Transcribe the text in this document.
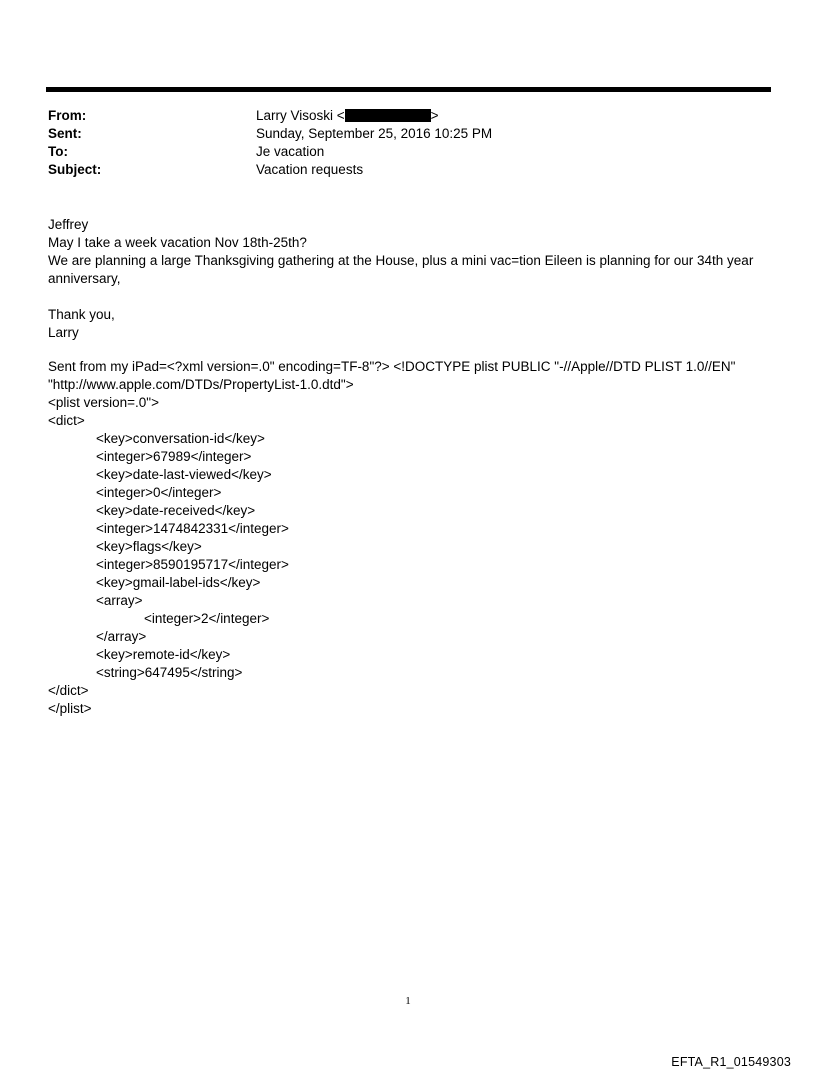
From:	Larry Visoski <	>
Sent:	Sunday, September 25, 2016 10:25 PM
To:	Je vacation
Subject:	Vacation requests

Jeffrey

May I take a week vacation Nov 18th-25th?

We are planning a large Thanksgiving gathering at the House, plus a mini vac=tion Eileen is planning for our 34th year anniversary,

Thank you,

Larry

Sent from my iPad=<?xml version=.0" encoding=TF-8"?> <!DOCTYPE plist PUBLIC "-//Apple//DTD PLIST 1.0//EN"

"http://www.apple.com/DTDs/PropertyList-1.0.dtd">

<plist version=.0">

<dict>

<key>conversation-id</key>

<integer>67989</integer>

<key>date-last-viewed</key>

<integer>0</integer>

<key>date-received</key>

<integer>1474842331</integer>

<key>flags</key>

<integer>8590195717</integer>

<key>gmail-label-ids</key>

<array>

<integer>2</integer>

</array>

<key>remote-id</key>

<string>647495</string>

</dict>

</plist>

1
EFTA_R1_01549303
